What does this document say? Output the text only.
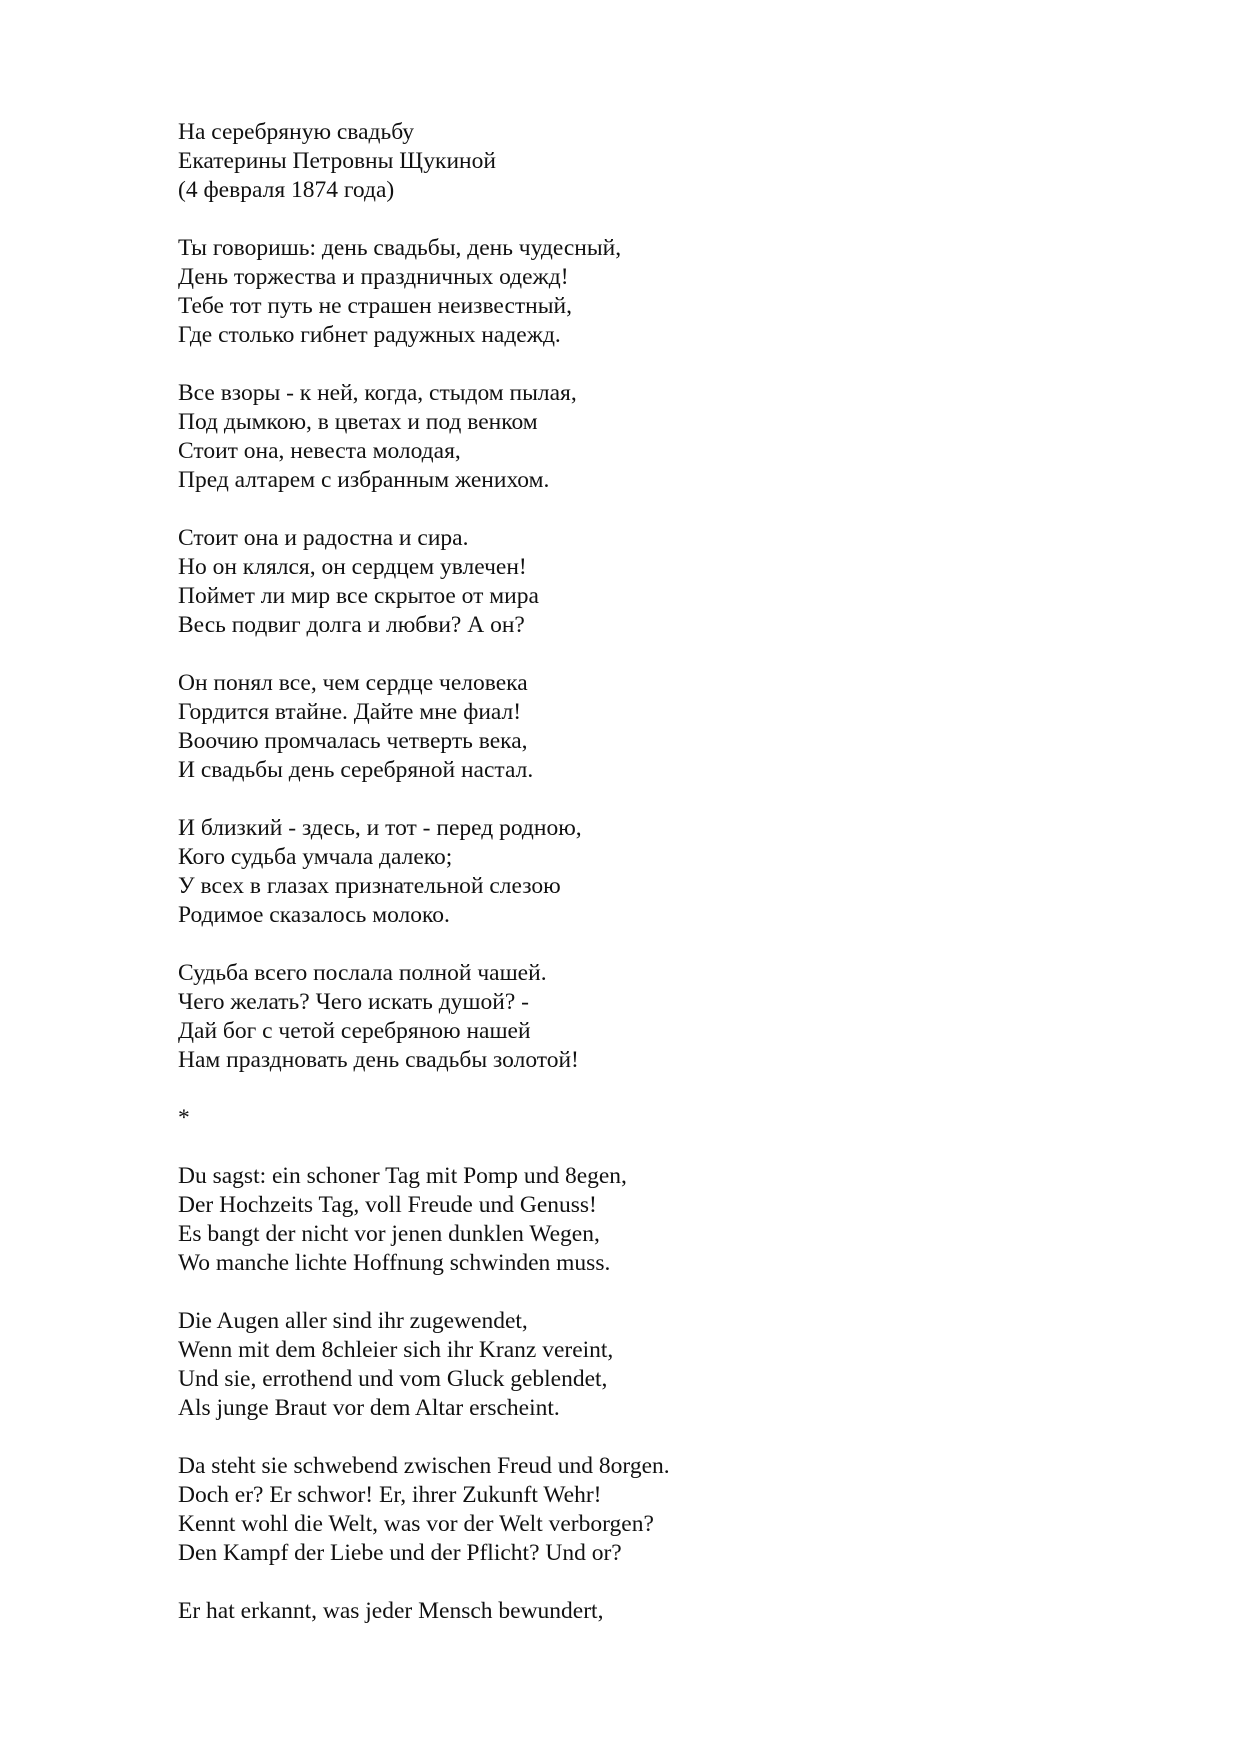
На серебряную свадьбу
Екатерины Петровны Щукиной
(4 февраля 1874 года)
Ты говоришь: день свадьбы, день чудесный,
День торжества и праздничных одежд!
Тебе тот путь не страшен неизвестный,
Где столько гибнет радужных надежд.
Все взоры - к ней, когда, стыдом пылая,
Под дымкою, в цветах и под венком
Стоит она, невеста молодая,
Пред алтарем с избранным женихом.
Стоит она и радостна и сира.
Но он клялся, он сердцем увлечен!
Поймет ли мир все скрытое от мира
Весь подвиг долга и любви? А он?
Он понял все, чем сердце человека
Гордится втайне. Дайте мне фиал!
Воочию промчалась четверть века,
И свадьбы день серебряной настал.
И близкий - здесь, и тот - перед родною,
Кого судьба умчала далеко;
У всех в глазах признательной слезою
Родимое сказалось молоко.
Судьба всего послала полной чашей.
Чего желать? Чего искать душой? -
Дай бог с четой серебряною нашей
Нам праздновать день свадьбы золотой!
*
Du sagst: ein schoner Tag mit Pomp und 8egen,
Der Hochzeits Tag, voll Freude und Genuss!
Es bangt der nicht vor jenen dunklen Wegen,
Wo manche lichte Hoffnung schwinden muss.
Die Augen aller sind ihr zugewendet,
Wenn mit dem 8chleier sich ihr Kranz vereint,
Und sie, errothend und vom Gluck geblendet,
Als junge Braut vor dem Altar erscheint.
Da steht sie schwebend zwischen Freud und 8orgen.
Doch er? Er schwor! Er, ihrer Zukunft Wehr!
Kennt wohl die Welt, was vor der Welt verborgen?
Den Kampf der Liebe und der Pflicht? Und or?
Er hat erkannt, was jeder Mensch bewundert,
